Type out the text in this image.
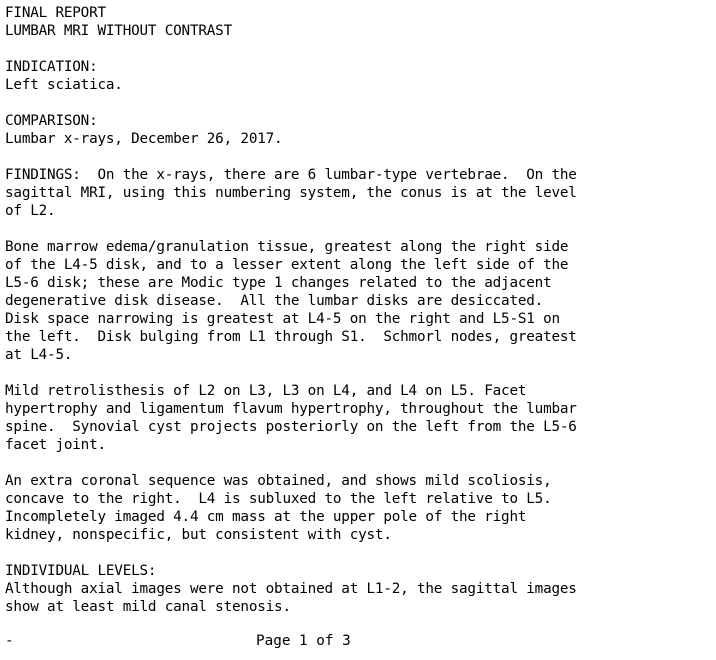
FINAL REPORT
LUMBAR MRI WITHOUT CONTRAST
INDICATION:
Left sciatica.
COMPARISON:
Lumbar x-rays, December 26, 2017.
FINDINGS:  On the x-rays, there are 6 lumbar-type vertebrae.  On the
sagittal MRI, using this numbering system, the conus is at the level
of L2.
Bone marrow edema/granulation tissue, greatest along the right side
of the L4-5 disk, and to a lesser extent along the left side of the
L5-6 disk; these are Modic type 1 changes related to the adjacent
degenerative disk disease.  All the lumbar disks are desiccated.
Disk space narrowing is greatest at L4-5 on the right and L5-S1 on
the left.  Disk bulging from L1 through S1.  Schmorl nodes, greatest
at L4-5.
Mild retrolisthesis of L2 on L3, L3 on L4, and L4 on L5. Facet
hypertrophy and ligamentum flavum hypertrophy, throughout the lumbar
spine.  Synovial cyst projects posteriorly on the left from the L5-6
facet joint.
An extra coronal sequence was obtained, and shows mild scoliosis,
concave to the right.  L4 is subluxed to the left relative to L5.
Incompletely imaged 4.4 cm mass at the upper pole of the right
kidney, nonspecific, but consistent with cyst.
INDIVIDUAL LEVELS:
Although axial images were not obtained at L1-2, the sagittal images
show at least mild canal stenosis.
-	Page 1 of 3
